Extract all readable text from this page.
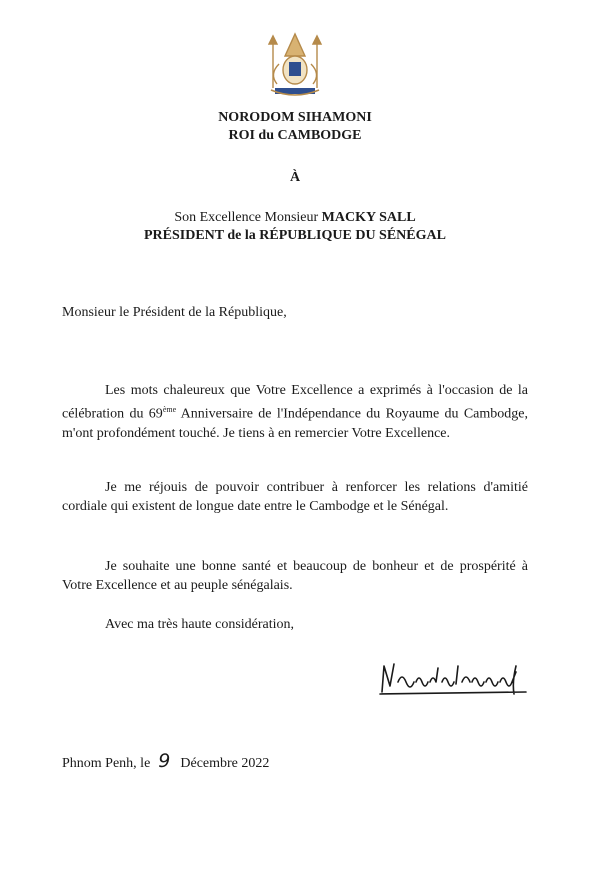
NORODOM SIHAMONI
ROI du CAMBODGE
À
Son Excellence Monsieur MACKY SALL
PRÉSIDENT de la RÉPUBLIQUE DU SÉNÉGAL
Monsieur le Président de la République,

Les mots chaleureux que Votre Excellence a exprimés à l'occasion de la célébration du 69ème Anniversaire de l'Indépendance du Royaume du Cambodge, m'ont profondément touché. Je tiens à en remercier Votre Excellence.

Je me réjouis de pouvoir contribuer à renforcer les relations d'amitié cordiale qui existent de longue date entre le Cambodge et le Sénégal.

Je souhaite une bonne santé et beaucoup de bonheur et de prospérité à Votre Excellence et au peuple sénégalais.

Avec ma très haute considération,
Phnom Penh, le 9 Décembre 2022
